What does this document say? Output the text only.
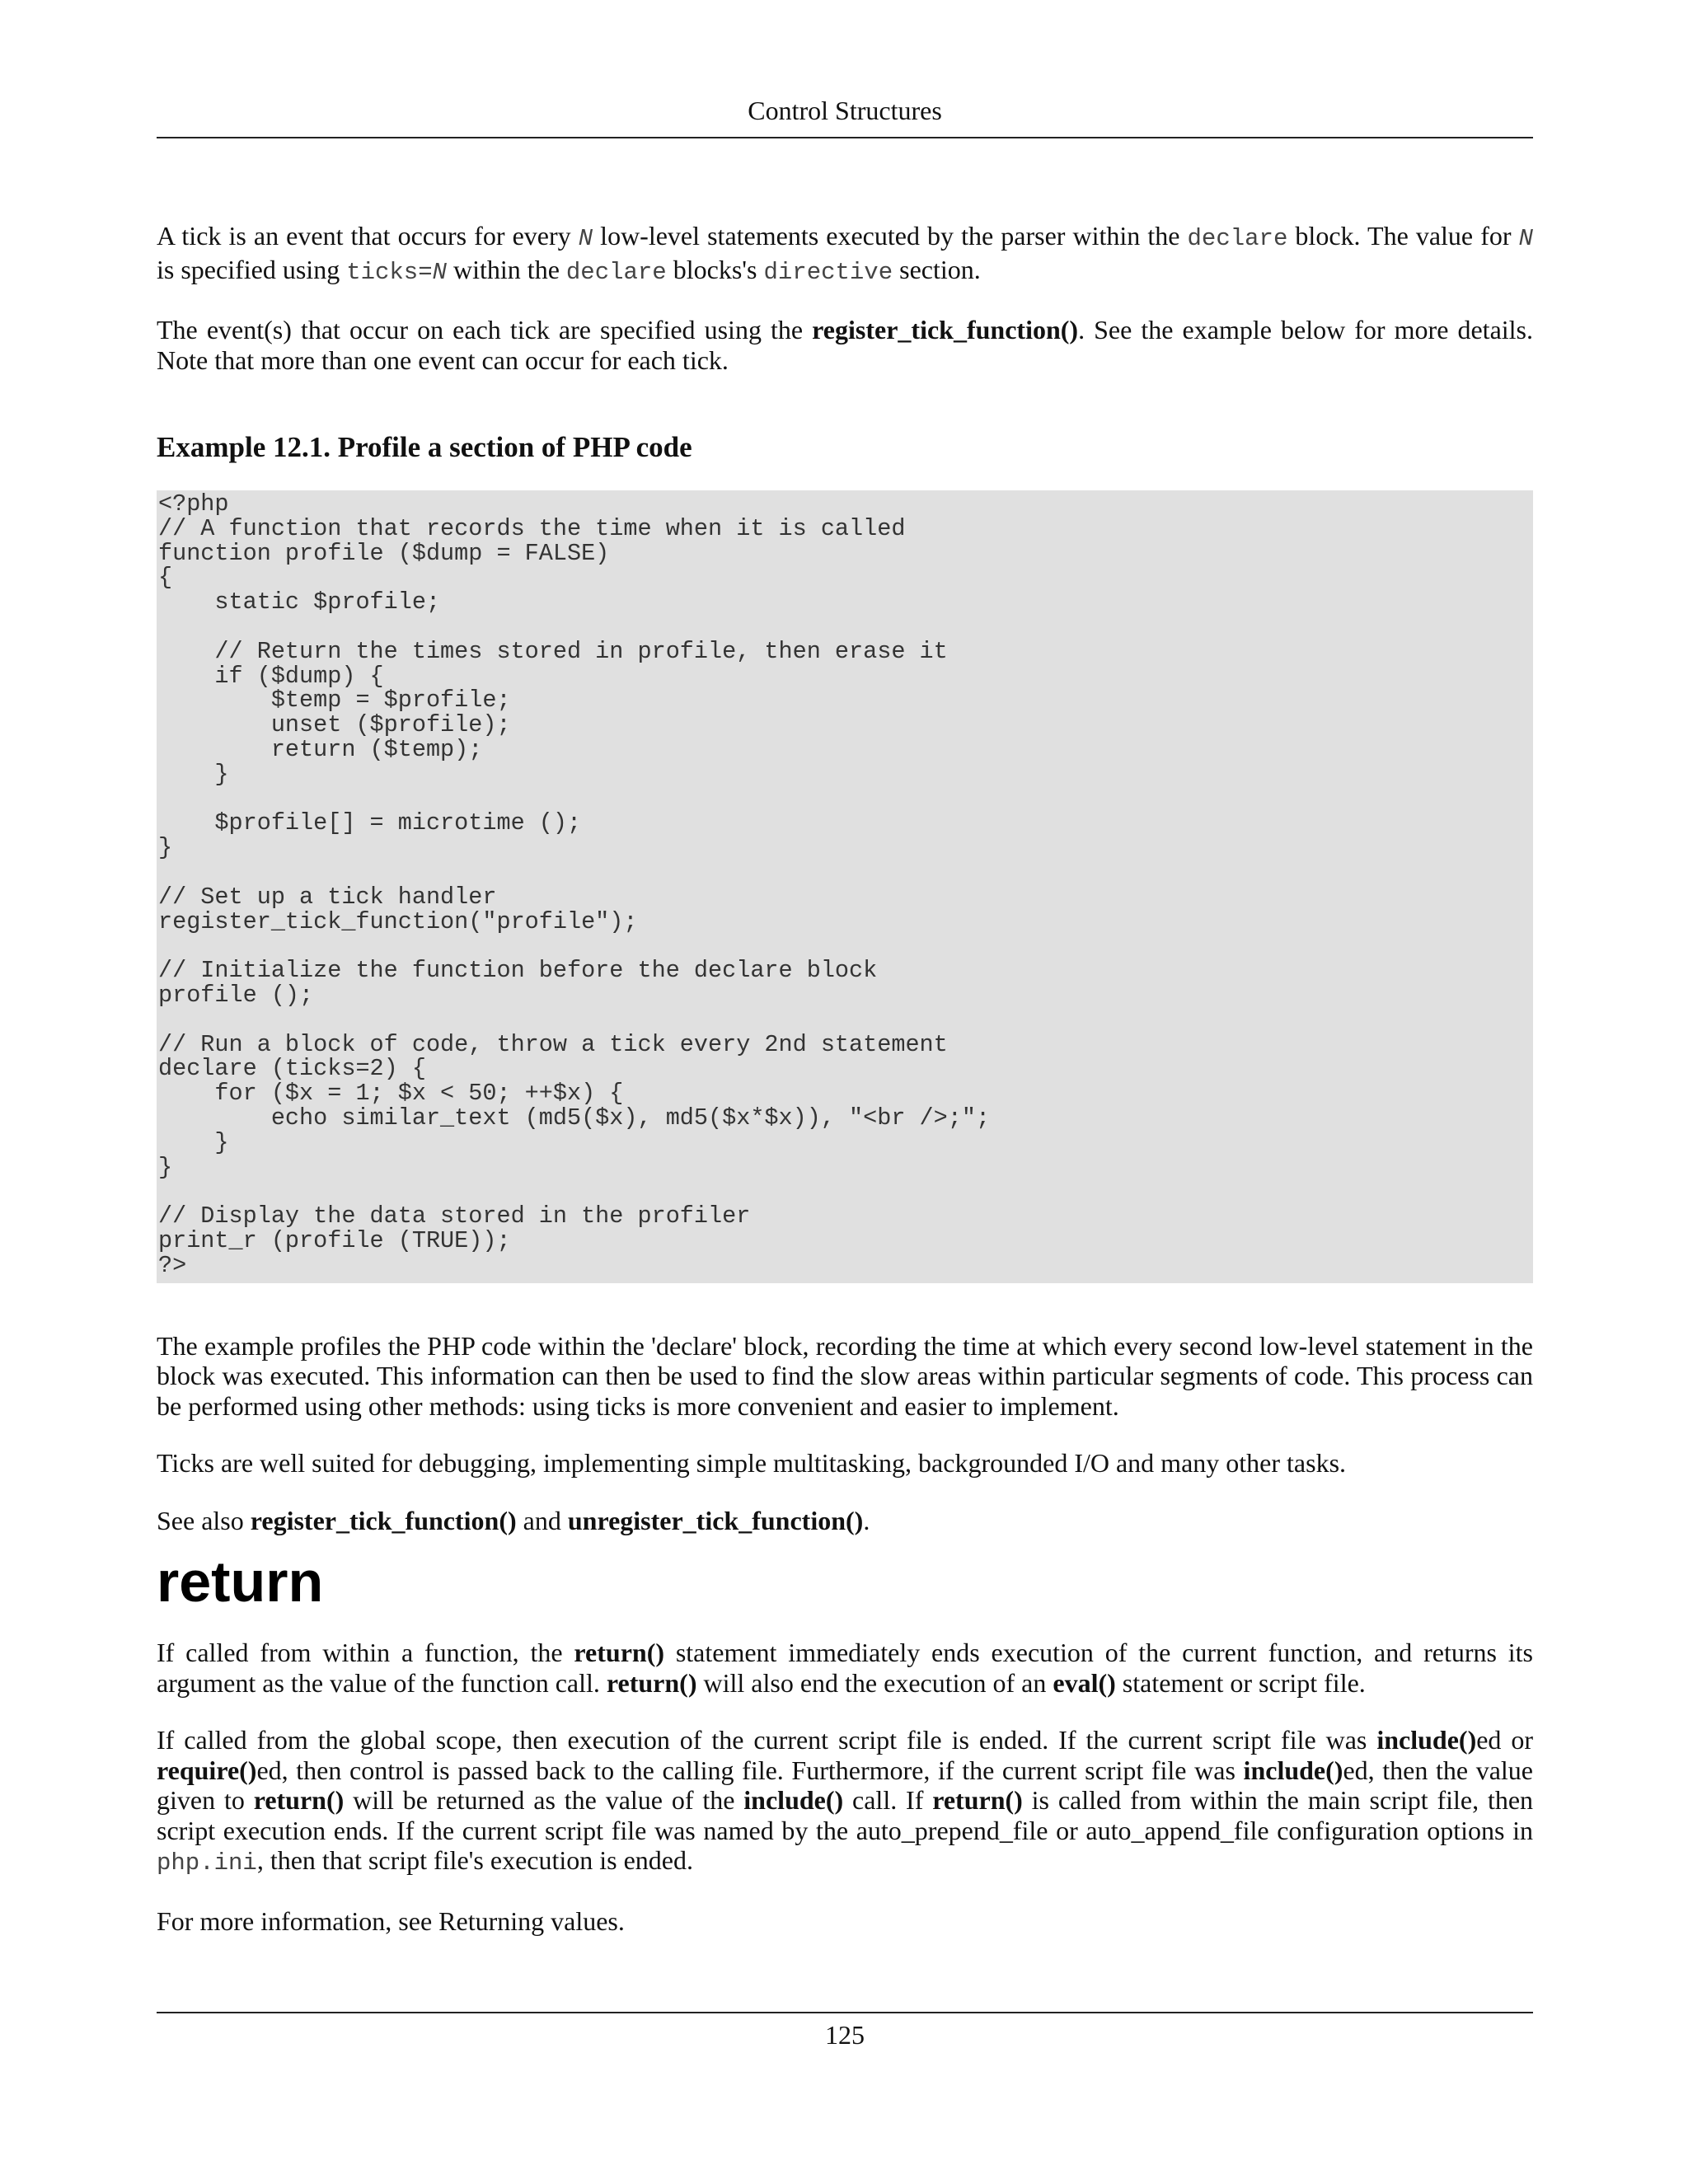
Control Structures

A tick is an event that occurs for every N low-level statements executed by the parser within the declare block. The value for N is specified using ticks=N within the declare blocks's directive section.

The event(s) that occur on each tick are specified using the register_tick_function(). See the example below for more details. Note that more than one event can occur for each tick.

Example 12.1. Profile a section of PHP code
<?php
// A function that records the time when it is called
function profile ($dump = FALSE)
{
static $profile;

// Return the times stored in profile, then erase it
if ($dump) {
$temp = $profile;
unset ($profile);
return ($temp);
}

$profile[] = microtime ();
}

// Set up a tick handler
register_tick_function("profile");

// Initialize the function before the declare block
profile ();

// Run a block of code, throw a tick every 2nd statement
declare (ticks=2) {
for ($x = 1; $x < 50; ++$x) {
echo similar_text (md5($x), md5($x*$x)), "<br />;";
}
}

// Display the data stored in the profiler
print_r (profile (TRUE));
?>

The example profiles the PHP code within the 'declare' block, recording the time at which every second low-level statement in the block was executed. This information can then be used to find the slow areas within particular segments of code. This process can be performed using other methods: using ticks is more convenient and easier to implement.

Ticks are well suited for debugging, implementing simple multitasking, backgrounded I/O and many other tasks.

See also register_tick_function() and unregister_tick_function().

return

If called from within a function, the return() statement immediately ends execution of the current function, and returns its argument as the value of the function call. return() will also end the execution of an eval() statement or script file.

If called from the global scope, then execution of the current script file is ended. If the current script file was include()ed or require()ed, then control is passed back to the calling file. Furthermore, if the current script file was include()ed, then the value given to return() will be returned as the value of the include() call. If return() is called from within the main script file, then script execution ends. If the current script file was named by the auto_prepend_file or auto_append_file configuration options in php.ini, then that script file's execution is ended.

For more information, see Returning values.

125
